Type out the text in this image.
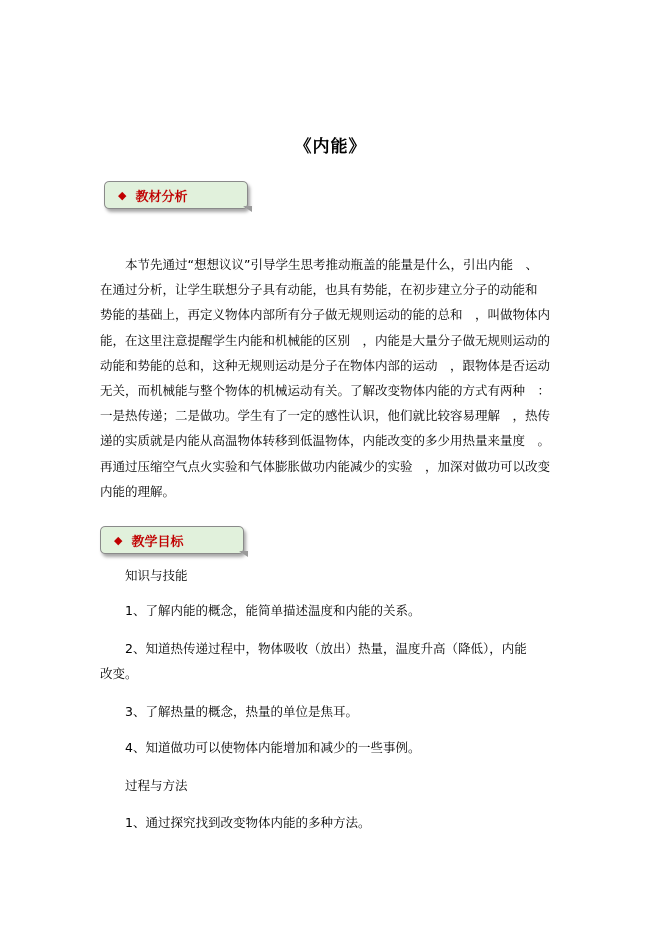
《内能》
◆ 教材分析
　　本节先通过“想想议议”引导学生思考推动瓶盖的能量是什么，引出内能　、
在通过分析，让学生联想分子具有动能，也具有势能，在初步建立分子的动能和
势能的基础上，再定义物体内部所有分子做无规则运动的能的总和　，叫做物体内
能，在这里注意提醒学生内能和机械能的区别　，内能是大量分子做无规则运动的
动能和势能的总和，这种无规则运动是分子在物体内部的运动　，跟物体是否运动
无关，而机械能与整个物体的机械运动有关。了解改变物体内能的方式有两种　：
一是热传递；二是做功。学生有了一定的感性认识，他们就比较容易理解　，热传
递的实质就是内能从高温物体转移到低温物体，内能改变的多少用热量来量度　。
再通过压缩空气点火实验和气体膨胀做功内能减少的实验　，加深对做功可以改变
内能的理解。
◆ 教学目标
　　知识与技能
　　1、了解内能的概念，能简单描述温度和内能的关系。
　　2、知道热传递过程中，物体吸收（放出）热量，温度升高（降低），内能
改变。
　　3、了解热量的概念，热量的单位是焦耳。
　　4、知道做功可以使物体内能增加和减少的一些事例。
　　过程与方法
　　1、通过探究找到改变物体内能的多种方法。
